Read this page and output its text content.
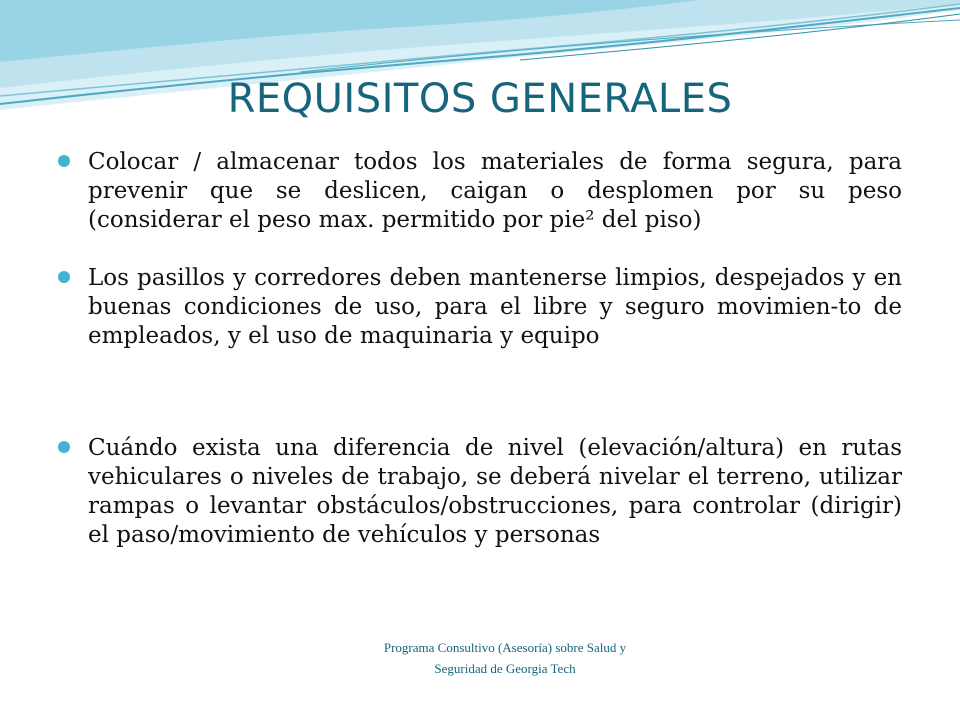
REQUISITOS GENERALES
Colocar / almacenar todos los materiales de forma segura, para prevenir que se deslicen, caigan o desplomen por su peso (considerar el peso max. permitido por pie² del piso)
Los pasillos y corredores deben mantenerse limpios, despejados y en buenas condiciones de uso, para el libre y seguro movimien-to de empleados, y el uso de maquinaria y equipo
Cuándo exista una diferencia de nivel (elevación/altura) en rutas vehiculares o niveles de trabajo, se deberá nivelar el terreno, utilizar rampas o levantar obstáculos/obstrucciones, para controlar (dirigir) el paso/movimiento de vehículos y personas
Programa Consultivo (Asesoría) sobre Salud y
Seguridad de Georgia Tech
